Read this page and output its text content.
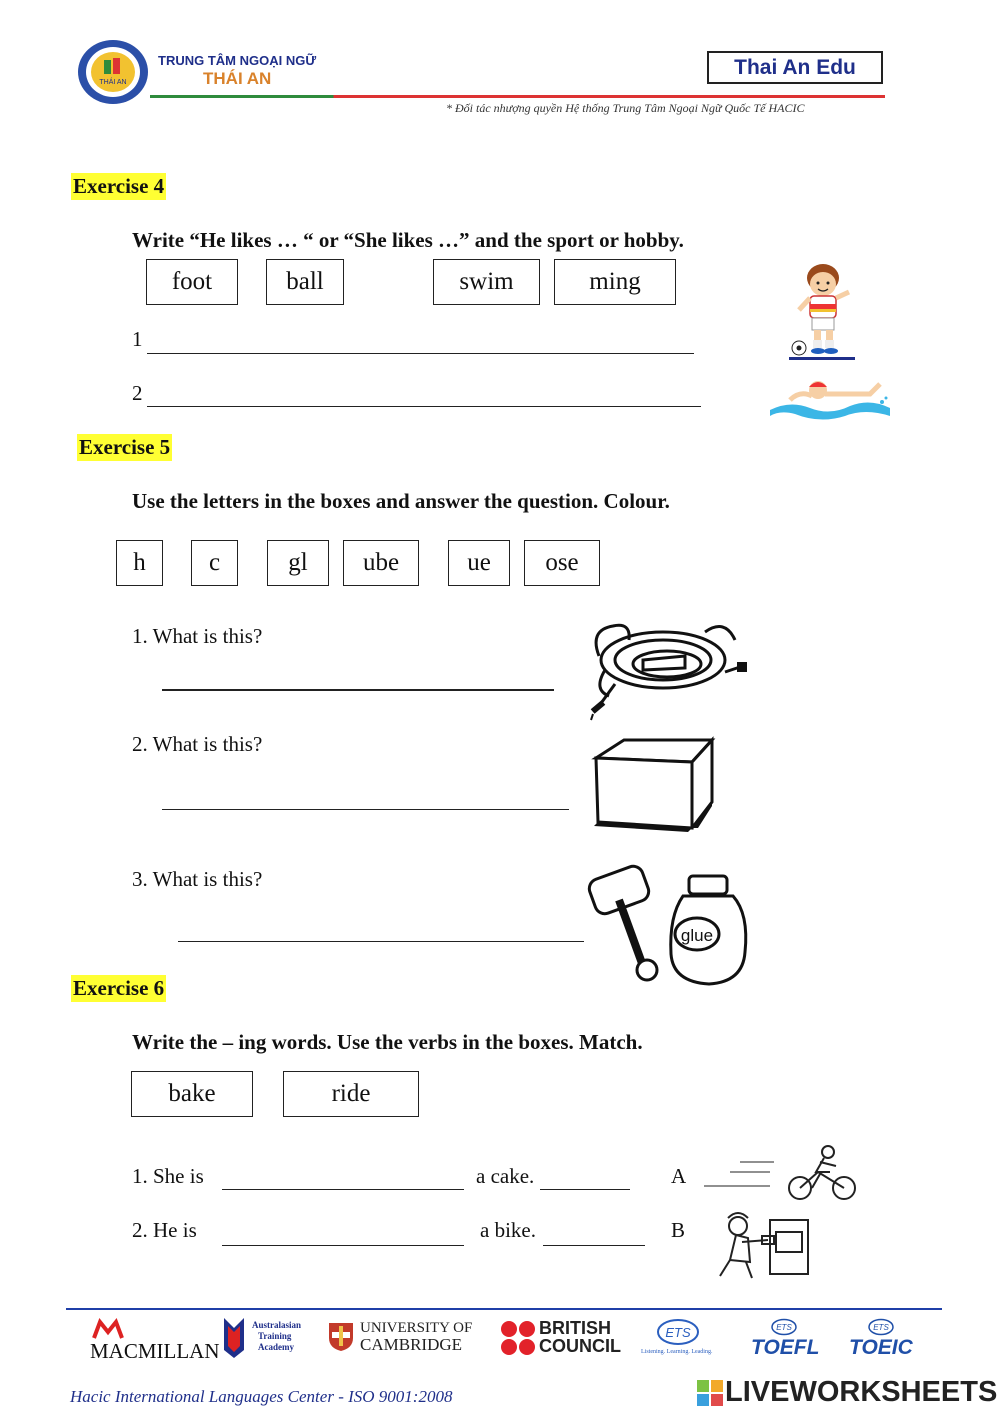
THÁI AN
TRUNG TÂM NGOẠI NGỮ
THÁI AN	Thai An Edu
* Đối tác nhượng quyền Hệ thống Trung Tâm Ngoại Ngữ Quốc Tế HACIC
Exercise 4
Write “He likes … “ or “She likes …” and the sport or hobby.
foot	ball	swim	ming
1
2
Exercise 5
Use the letters in the boxes and answer the question. Colour.
h	c	gl	ube	ue	ose
1. What is this?
2. What is this?
3. What is this?
glue
Exercise 6
Write the – ing words. Use the verbs in the boxes. Match.
bake	ride
1. She is	a cake.	A
2. He is	a bike.	B
MACMILLAN
Australasian
Training
Academy
UNIVERSITY OF
CAMBRIDGE
BRITISH
COUNCIL
ETS
Listening. Learning. Leading.
ETS
TOEFL
ETS
TOEIC
Hacic International Languages Center - ISO 9001:2008	LIVEWORKSHEETS
